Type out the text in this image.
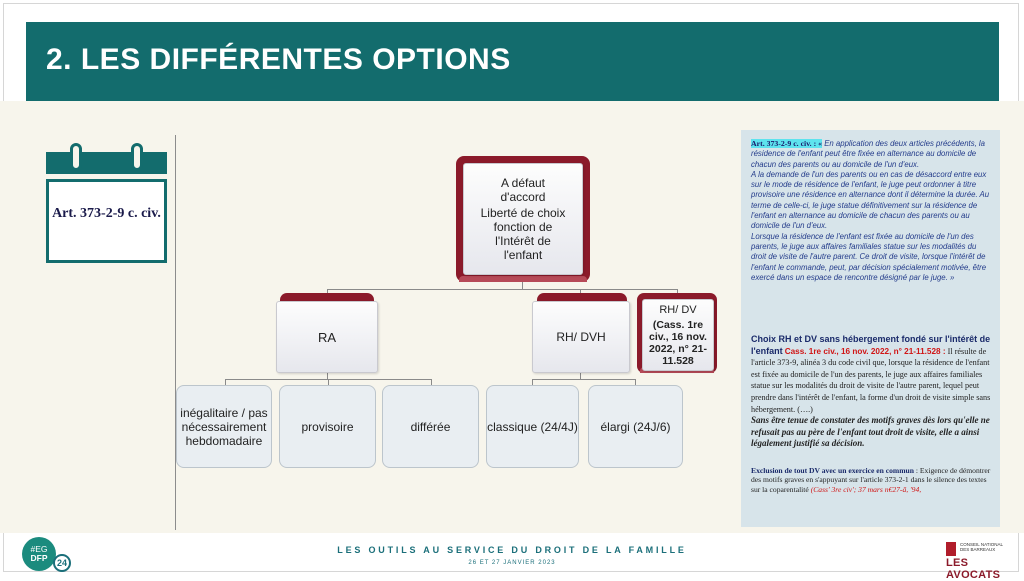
2. LES DIFFÉRENTES OPTIONS
Art. 373-2-9 c. civ.
A défaut d'accord
Liberté de choix fonction de l'Intérêt de l'enfant
RA	RH/ DVH
RH/ DV
(Cass. 1re civ., 16 nov. 2022, n° 21-11.528
inégalitaire / pas nécessairement hebdomadaire
provisoire	différée	classique (24/4J)	élargi (24J/6)
Art. 373-2-9 c. civ. : « En application des deux articles précédents, la résidence de l'enfant peut être fixée en alternance au domicile de chacun des parents ou au domicile de l'un d'eux.
A la demande de l'un des parents ou en cas de désaccord entre eux sur le mode de résidence de l'enfant, le juge peut ordonner à titre provisoire une résidence en alternance dont il détermine la durée. Au terme de celle-ci, le juge statue définitivement sur la résidence de l'enfant en alternance au domicile de chacun des parents ou au domicile de l'un d'eux.
Lorsque la résidence de l'enfant est fixée au domicile de l'un des parents, le juge aux affaires familiales statue sur les modalités du droit de visite de l'autre parent. Ce droit de visite, lorsque l'intérêt de l'enfant le commande, peut, par décision spécialement motivée, être exercé dans un espace de rencontre désigné par le juge. »
Choix RH et DV sans hébergement fondé sur l'intérêt de l'enfant Cass. 1re civ., 16 nov. 2022, n° 21-11.528 : Il résulte de l'article 373-9, alinéa 3 du code civil que, lorsque la résidence de l'enfant est fixée au domicile de l'un des parents, le juge aux affaires familiales statue sur les modalités du droit de visite de l'autre parent, lequel peut prendre dans l'intérêt de l'enfant, la forme d'un droit de visite simple sans hébergement. (….)
Sans être tenue de constater des motifs graves dès lors qu'elle ne refusait pas au père de l'enfant tout droit de visite, elle a ainsi légalement justifié sa décision.
Exclusion de tout DV avec un exercice en commun : Exigence de démontrer des motifs graves en s'appuyant sur l'article 373-2-1 dans le silence des textes sur la coparentalité (Cass' 3re civ'; 37 mars n€27-ã, '94,
LES OUTILS AU SERVICE DU DROIT DE LA FAMILLE
26 ET 27 JANVIER 2023
#EG
DFP	24
CONSEIL NATIONAL DES BARREAUX
LES AVOCATS
